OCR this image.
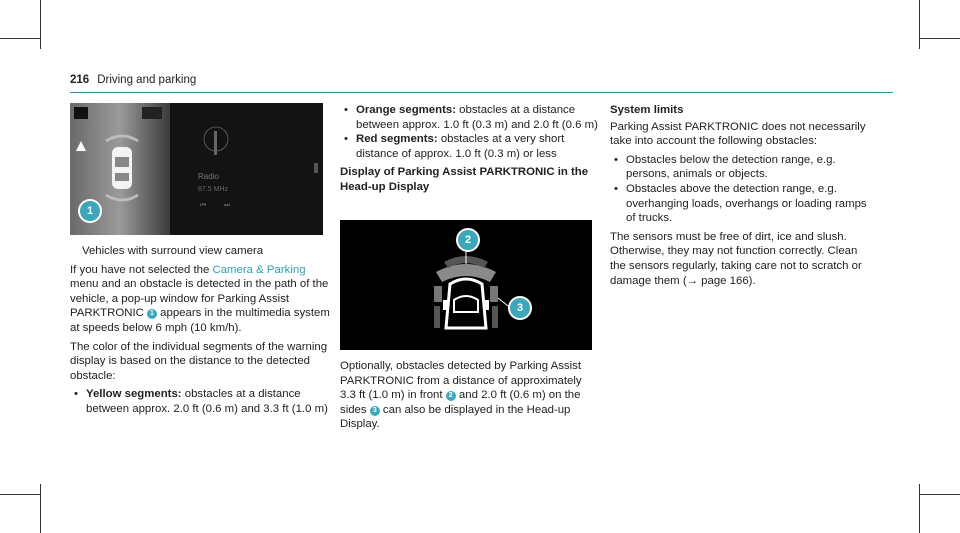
216 Driving and parking
Radio
87.5 MHz
⏮	⏭
1

Vehicles with surround view camera

If you have not selected the Camera & Parking menu and an obstacle is detected in the path of the vehicle, a pop-up window for Parking Assist PARKTRONIC 1 appears in the multimedia system at speeds below 6 mph (10 km/h).

The color of the individual segments of the warning display is based on the distance to the detected obstacle:

• Yellow segments: obstacles at a distance between approx. 2.0 ft (0.6 m) and 3.3 ft (1.0 m)
• Orange segments: obstacles at a distance between approx. 1.0 ft (0.3 m) and 2.0 ft (0.6 m)
• Red segments: obstacles at a very short distance of approx. 1.0 ft (0.3 m) or less

Display of Parking Assist PARKTRONIC in the Head-up Display

2
3

Optionally, obstacles detected by Parking Assist PARKTRONIC from a distance of approximately 3.3 ft (1.0 m) in front 2 and 2.0 ft (0.6 m) on the sides 3 can also be displayed in the Head-up Display.

System limits

Parking Assist PARKTRONIC does not necessarily take into account the following obstacles:

• Obstacles below the detection range, e.g. persons, animals or objects.
• Obstacles above the detection range, e.g. overhanging loads, overhangs or loading ramps of trucks.

The sensors must be free of dirt, ice and slush. Otherwise, they may not function correctly. Clean the sensors regularly, taking care not to scratch or damage them (→ page 166).
